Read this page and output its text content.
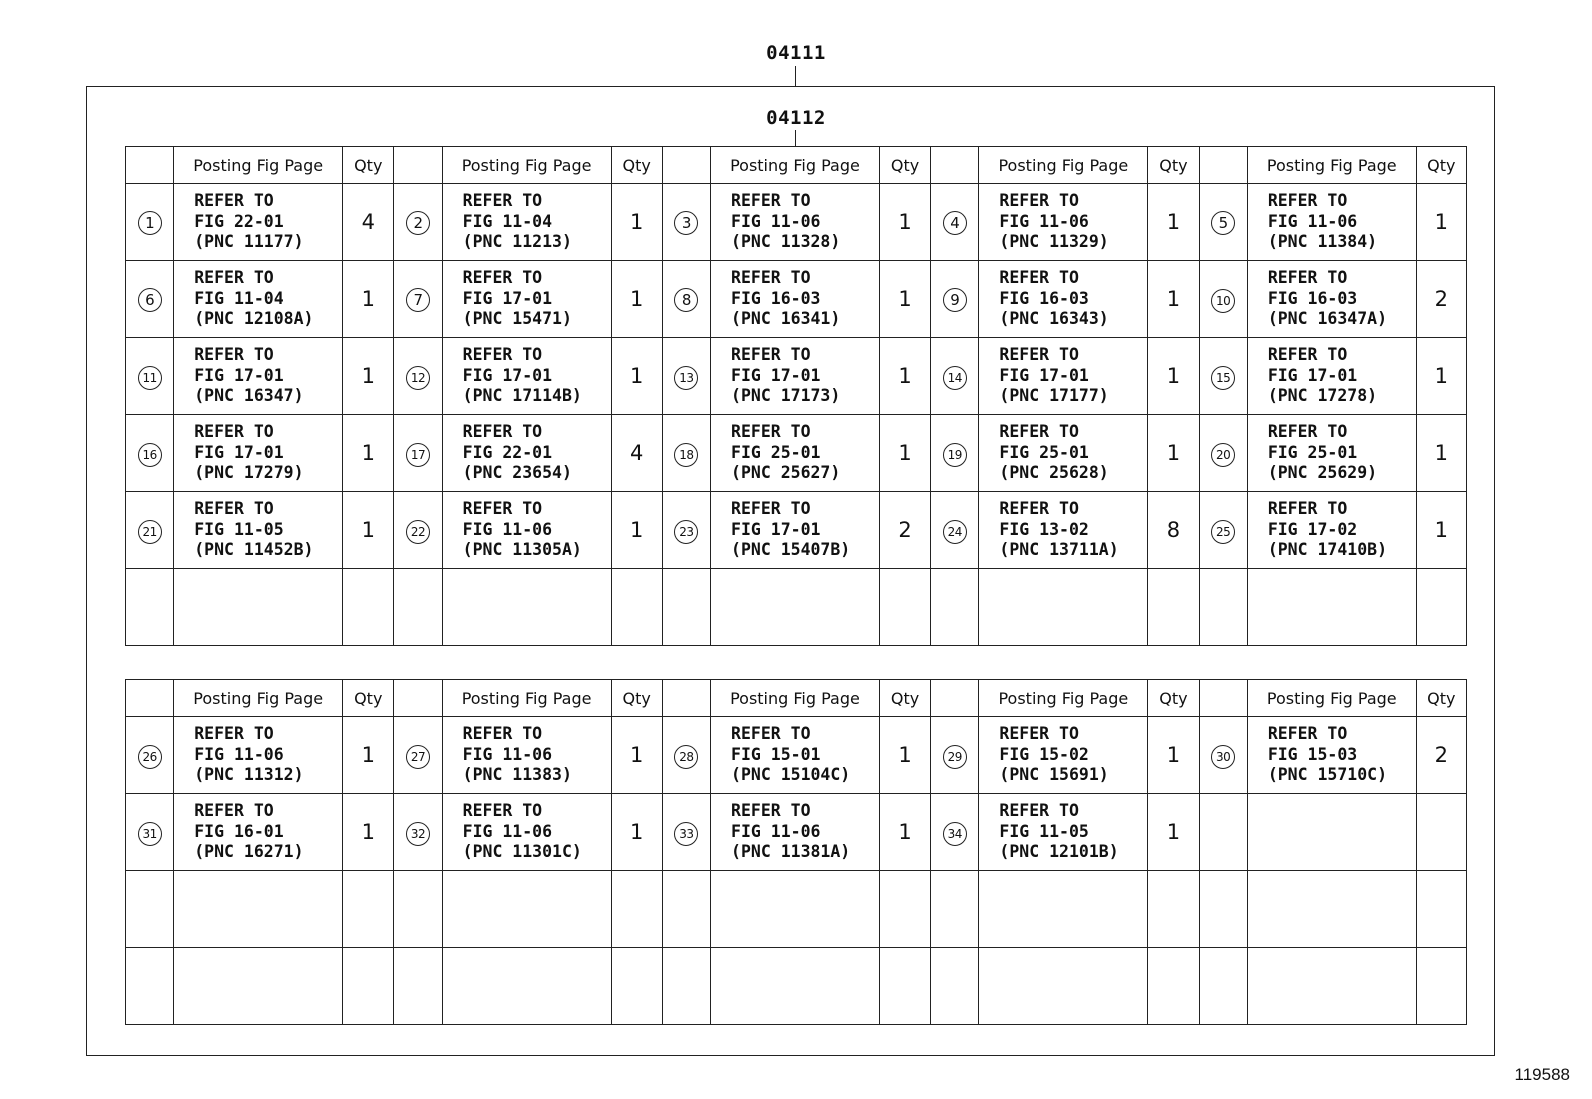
04111
04112
	Posting Fig Page	Qty		Posting Fig Page	Qty		Posting Fig Page	Qty		Posting Fig Page	Qty		Posting Fig Page	Qty
1	REFER TO
FIG 22-01
(PNC 11177)	4	2	REFER TO
FIG 11-04
(PNC 11213)	1	3	REFER TO
FIG 11-06
(PNC 11328)	1	4	REFER TO
FIG 11-06
(PNC 11329)	1	5	REFER TO
FIG 11-06
(PNC 11384)	1
6	REFER TO
FIG 11-04
(PNC 12108A)	1	7	REFER TO
FIG 17-01
(PNC 15471)	1	8	REFER TO
FIG 16-03
(PNC 16341)	1	9	REFER TO
FIG 16-03
(PNC 16343)	1	10	REFER TO
FIG 16-03
(PNC 16347A)	2
11	REFER TO
FIG 17-01
(PNC 16347)	1	12	REFER TO
FIG 17-01
(PNC 17114B)	1	13	REFER TO
FIG 17-01
(PNC 17173)	1	14	REFER TO
FIG 17-01
(PNC 17177)	1	15	REFER TO
FIG 17-01
(PNC 17278)	1
16	REFER TO
FIG 17-01
(PNC 17279)	1	17	REFER TO
FIG 22-01
(PNC 23654)	4	18	REFER TO
FIG 25-01
(PNC 25627)	1	19	REFER TO
FIG 25-01
(PNC 25628)	1	20	REFER TO
FIG 25-01
(PNC 25629)	1
21	REFER TO
FIG 11-05
(PNC 11452B)	1	22	REFER TO
FIG 11-06
(PNC 11305A)	1	23	REFER TO
FIG 17-01
(PNC 15407B)	2	24	REFER TO
FIG 13-02
(PNC 13711A)	8	25	REFER TO
FIG 17-02
(PNC 17410B)	1

	Posting Fig Page	Qty		Posting Fig Page	Qty		Posting Fig Page	Qty		Posting Fig Page	Qty		Posting Fig Page	Qty
26	REFER TO
FIG 11-06
(PNC 11312)	1	27	REFER TO
FIG 11-06
(PNC 11383)	1	28	REFER TO
FIG 15-01
(PNC 15104C)	1	29	REFER TO
FIG 15-02
(PNC 15691)	1	30	REFER TO
FIG 15-03
(PNC 15710C)	2
31	REFER TO
FIG 16-01
(PNC 16271)	1	32	REFER TO
FIG 11-06
(PNC 11301C)	1	33	REFER TO
FIG 11-06
(PNC 11381A)	1	34	REFER TO
FIG 11-05
(PNC 12101B)	1			

119588
